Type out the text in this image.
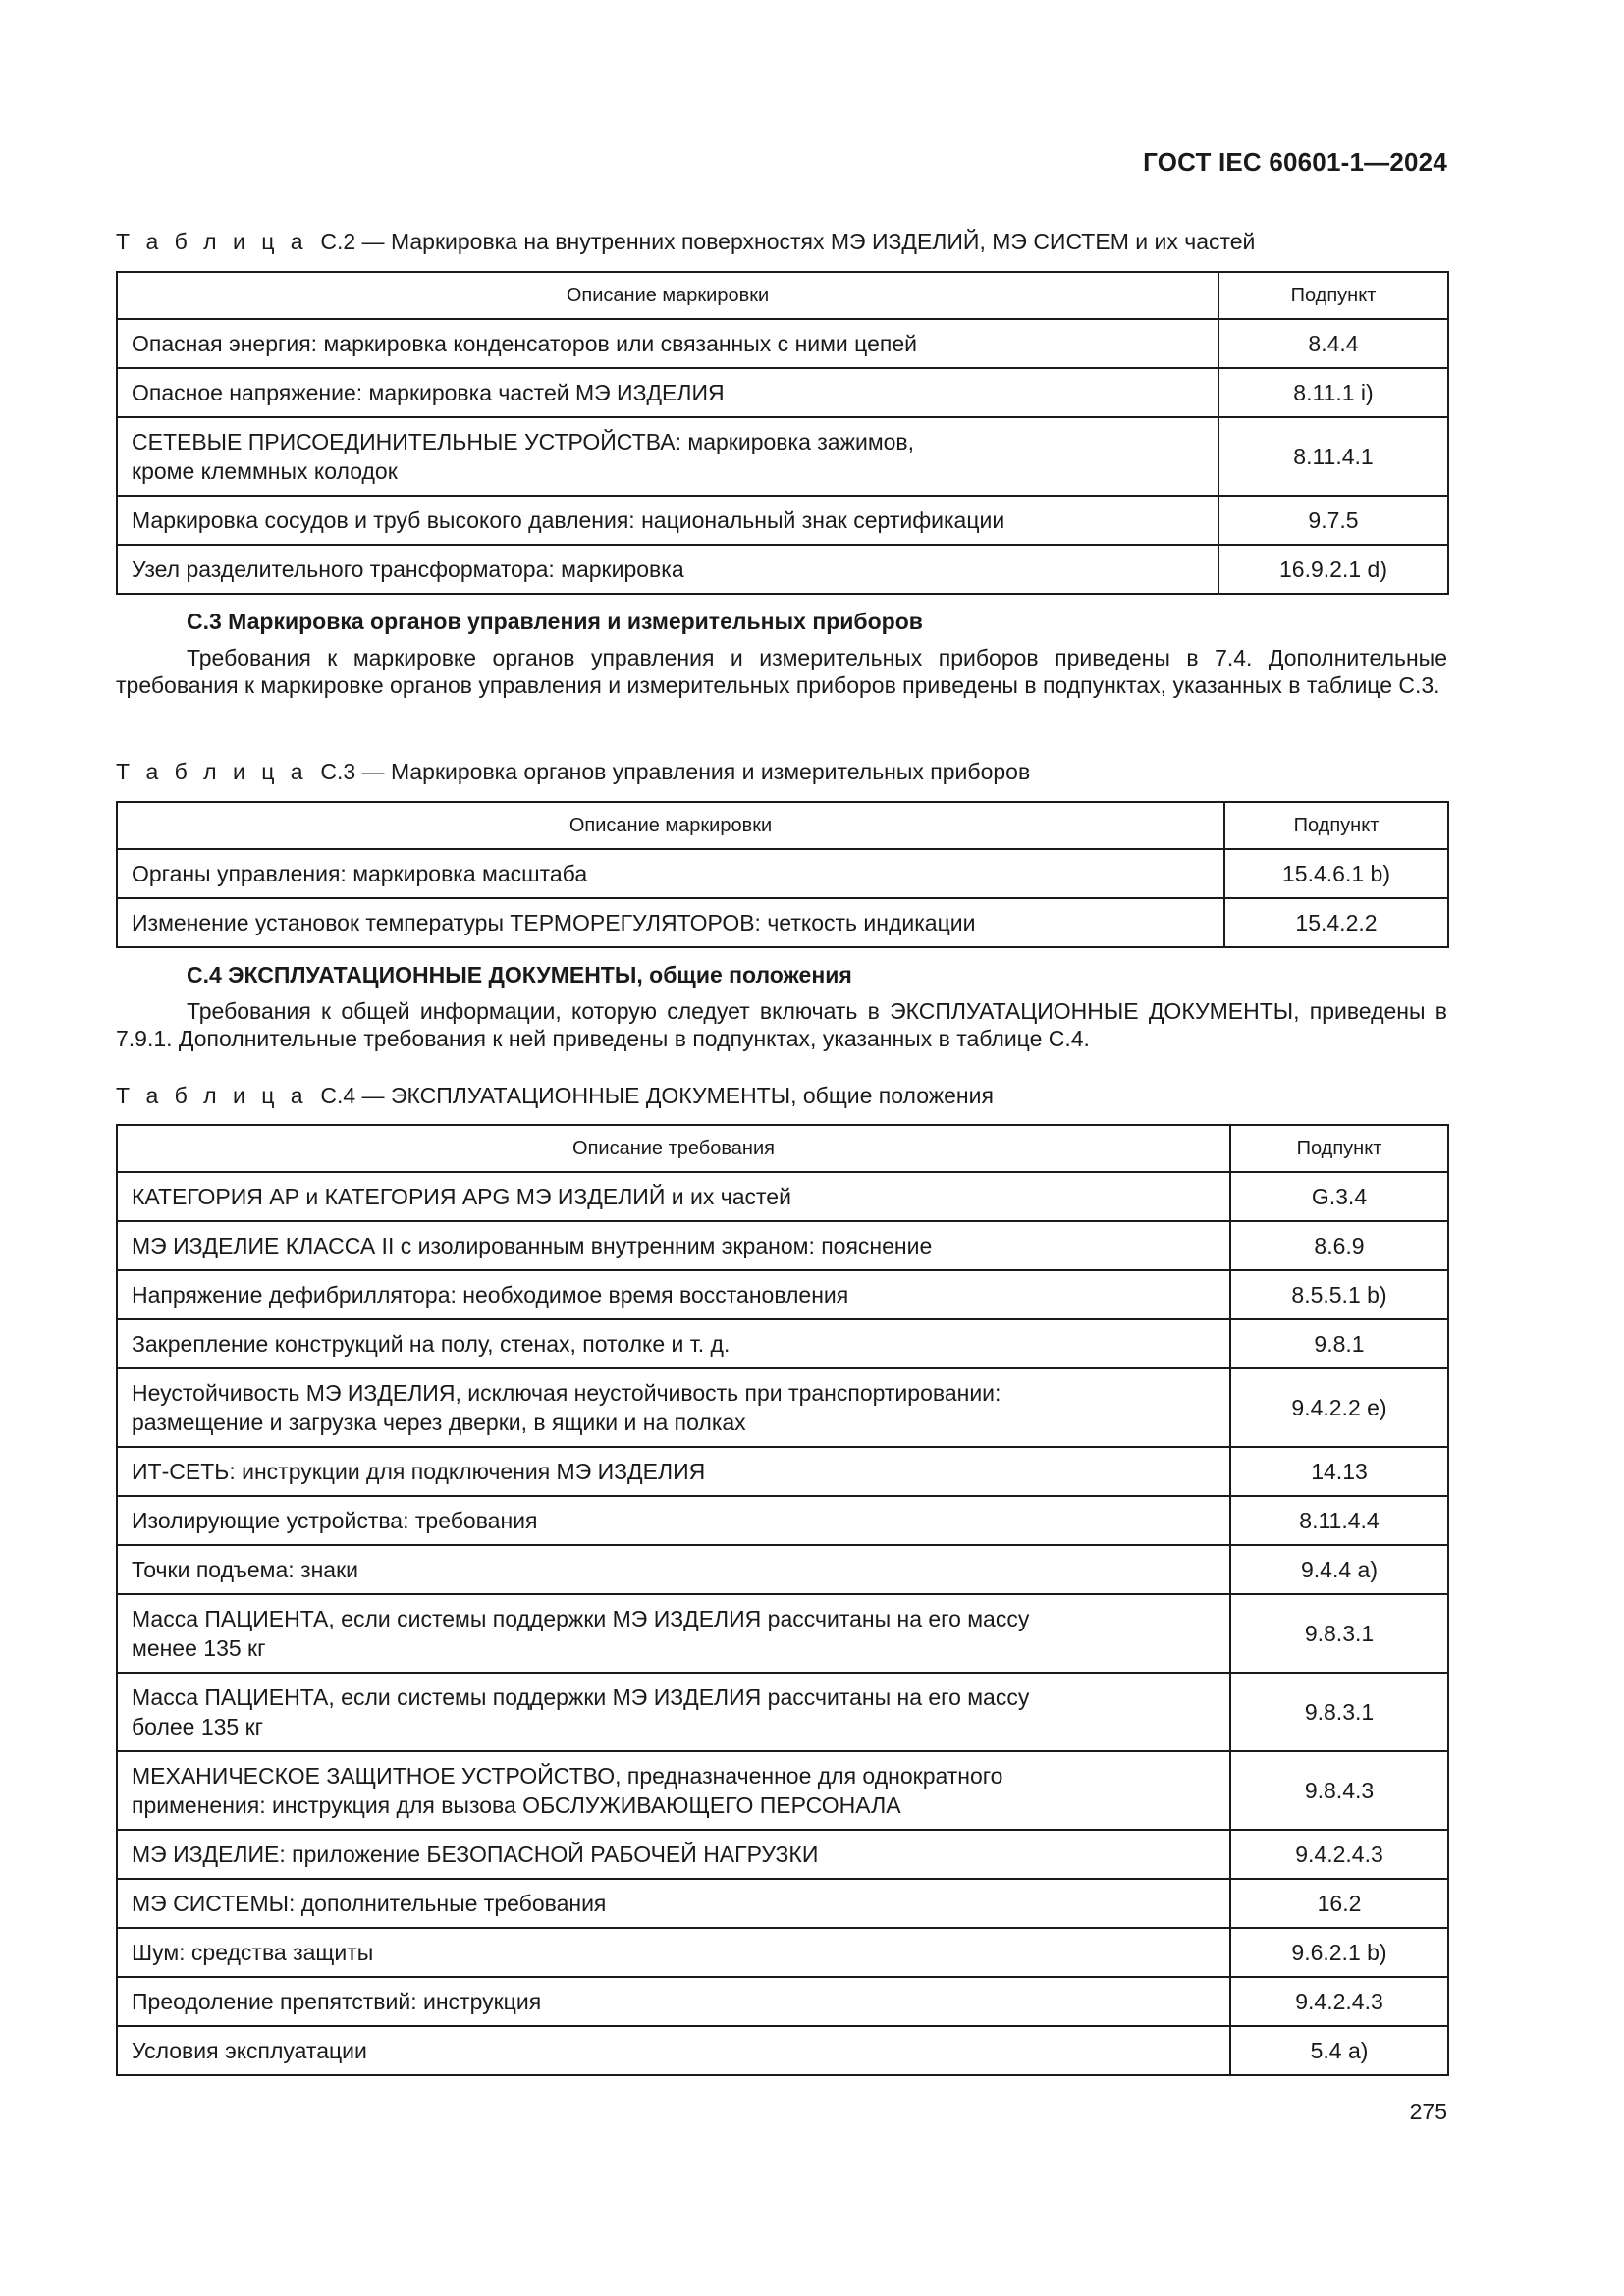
ГОСТ IEC 60601-1—2024
Т а б л и ц а С.2 — Маркировка на внутренних поверхностях МЭ ИЗДЕЛИЙ, МЭ СИСТЕМ и их частей
Описание маркировки	Подпункт
Опасная энергия: маркировка конденсаторов или связанных с ними цепей	8.4.4
Опасное напряжение: маркировка частей МЭ ИЗДЕЛИЯ	8.11.1 i)

СЕТЕВЫЕ ПРИСОЕДИНИТЕЛЬНЫЕ УСТРОЙСТВА: маркировка зажимов,
кроме клеммных колодок	8.11.4.1
Маркировка сосудов и труб высокого давления: национальный знак сертификации	9.7.5
Узел разделительного трансформатора: маркировка	16.9.2.1 d)
С.3 Маркировка органов управления и измерительных приборов
Требования к маркировке органов управления и измерительных приборов приведены в 7.4. Дополнительные требования к маркировке органов управления и измерительных приборов приведены в подпунктах, указанных в таблице С.3.
Т а б л и ц а С.3 — Маркировка органов управления и измерительных приборов
Описание маркировки	Подпункт
Органы управления: маркировка масштаба	15.4.6.1 b)
Изменение установок температуры ТЕРМОРЕГУЛЯТОРОВ: четкость индикации	15.4.2.2
С.4 ЭКСПЛУАТАЦИОННЫЕ ДОКУМЕНТЫ, общие положения
Требования к общей информации, которую следует включать в ЭКСПЛУАТАЦИОННЫЕ ДОКУМЕНТЫ, приведены в 7.9.1. Дополнительные требования к ней приведены в подпунктах, указанных в таблице С.4.
Т а б л и ц а С.4 — ЭКСПЛУАТАЦИОННЫЕ ДОКУМЕНТЫ, общие положения
Описание требования	Подпункт
КАТЕГОРИЯ АР и КАТЕГОРИЯ АРG МЭ ИЗДЕЛИЙ и их частей	G.3.4
МЭ ИЗДЕЛИЕ КЛАССА II с изолированным внутренним экраном: пояснение	8.6.9
Напряжение дефибриллятора: необходимое время восстановления	8.5.5.1 b)
Закрепление конструкций на полу, стенах, потолке и т. д.	9.8.1

Неустойчивость МЭ ИЗДЕЛИЯ, исключая неустойчивость при транспортировании:
размещение и загрузка через дверки, в ящики и на полках	9.4.2.2 e)
ИТ-СЕТЬ: инструкции для подключения МЭ ИЗДЕЛИЯ	14.13
Изолирующие устройства: требования	8.11.4.4
Точки подъема: знаки	9.4.4 a)

Масса ПАЦИЕНТА, если системы поддержки МЭ ИЗДЕЛИЯ рассчитаны на его массу
менее 135 кг	9.8.3.1

Масса ПАЦИЕНТА, если системы поддержки МЭ ИЗДЕЛИЯ рассчитаны на его массу
более 135 кг	9.8.3.1

МЕХАНИЧЕСКОЕ ЗАЩИТНОЕ УСТРОЙСТВО, предназначенное для однократного
применения: инструкция для вызова ОБСЛУЖИВАЮЩЕГО ПЕРСОНАЛА	9.8.4.3
МЭ ИЗДЕЛИЕ: приложение БЕЗОПАСНОЙ РАБОЧЕЙ НАГРУЗКИ	9.4.2.4.3
МЭ СИСТЕМЫ: дополнительные требования	16.2
Шум: средства защиты	9.6.2.1 b)
Преодоление препятствий: инструкция	9.4.2.4.3
Условия эксплуатации	5.4 a)
275
